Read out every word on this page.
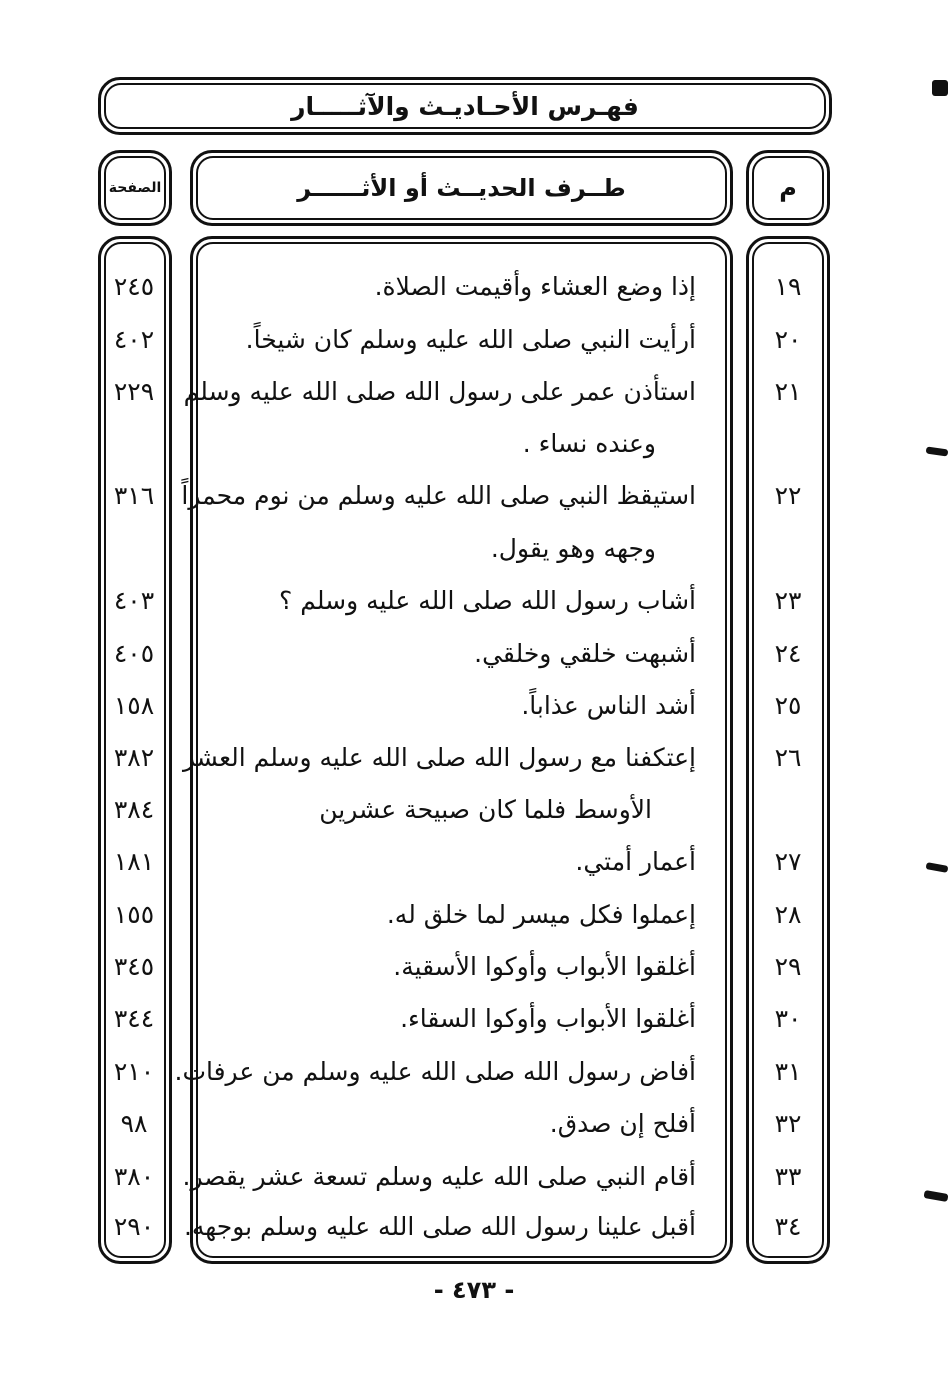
فهـرس الأحـاديـث والآثـــــار
م
طــرف الحديــث أو الأثــــــر
الصفحة
١٩
إذا وضع العشاء وأقيمت الصلاة.
٢٤٥
٢٠
أرأيت النبي صلى الله عليه وسلم كان شيخاً.
٤٠٢
٢١
استأذن عمر على رسول الله صلى الله عليه وسلم
٢٢٩
وعنده نساء .
٢٢
استيقظ النبي صلى الله عليه وسلم من نوم محمراً
٣١٦
وجهه وهو يقول.
٢٣
أشاب رسول الله صلى الله عليه وسلم ؟
٤٠٣
٢٤
أشبهت خلقي وخلقي.
٤٠٥
٢٥
أشد الناس عذاباً.
١٥٨
٢٦
إعتكفنا مع رسول الله صلى الله عليه وسلم العشر
٣٨٢
الأوسط فلما كان صبيحة عشرين
٣٨٤
٢٧
أعمار أمتي.
١٨١
٢٨
إعملوا فكل ميسر لما خلق له.
١٥٥
٢٩
أغلقوا الأبواب وأوكوا الأسقية.
٣٤٥
٣٠
أغلقوا الأبواب وأوكوا السقاء.
٣٤٤
٣١
أفاض رسول الله صلى الله عليه وسلم من عرفات.
٢١٠
٣٢
أفلح إن صدق.
٩٨
٣٣
أقام النبي صلى الله عليه وسلم تسعة عشر يقصر.
٣٨٠
٣٤
أقبل علينا رسول الله صلى الله عليه وسلم بوجهه.
٢٩٠
- ٤٧٣ -
